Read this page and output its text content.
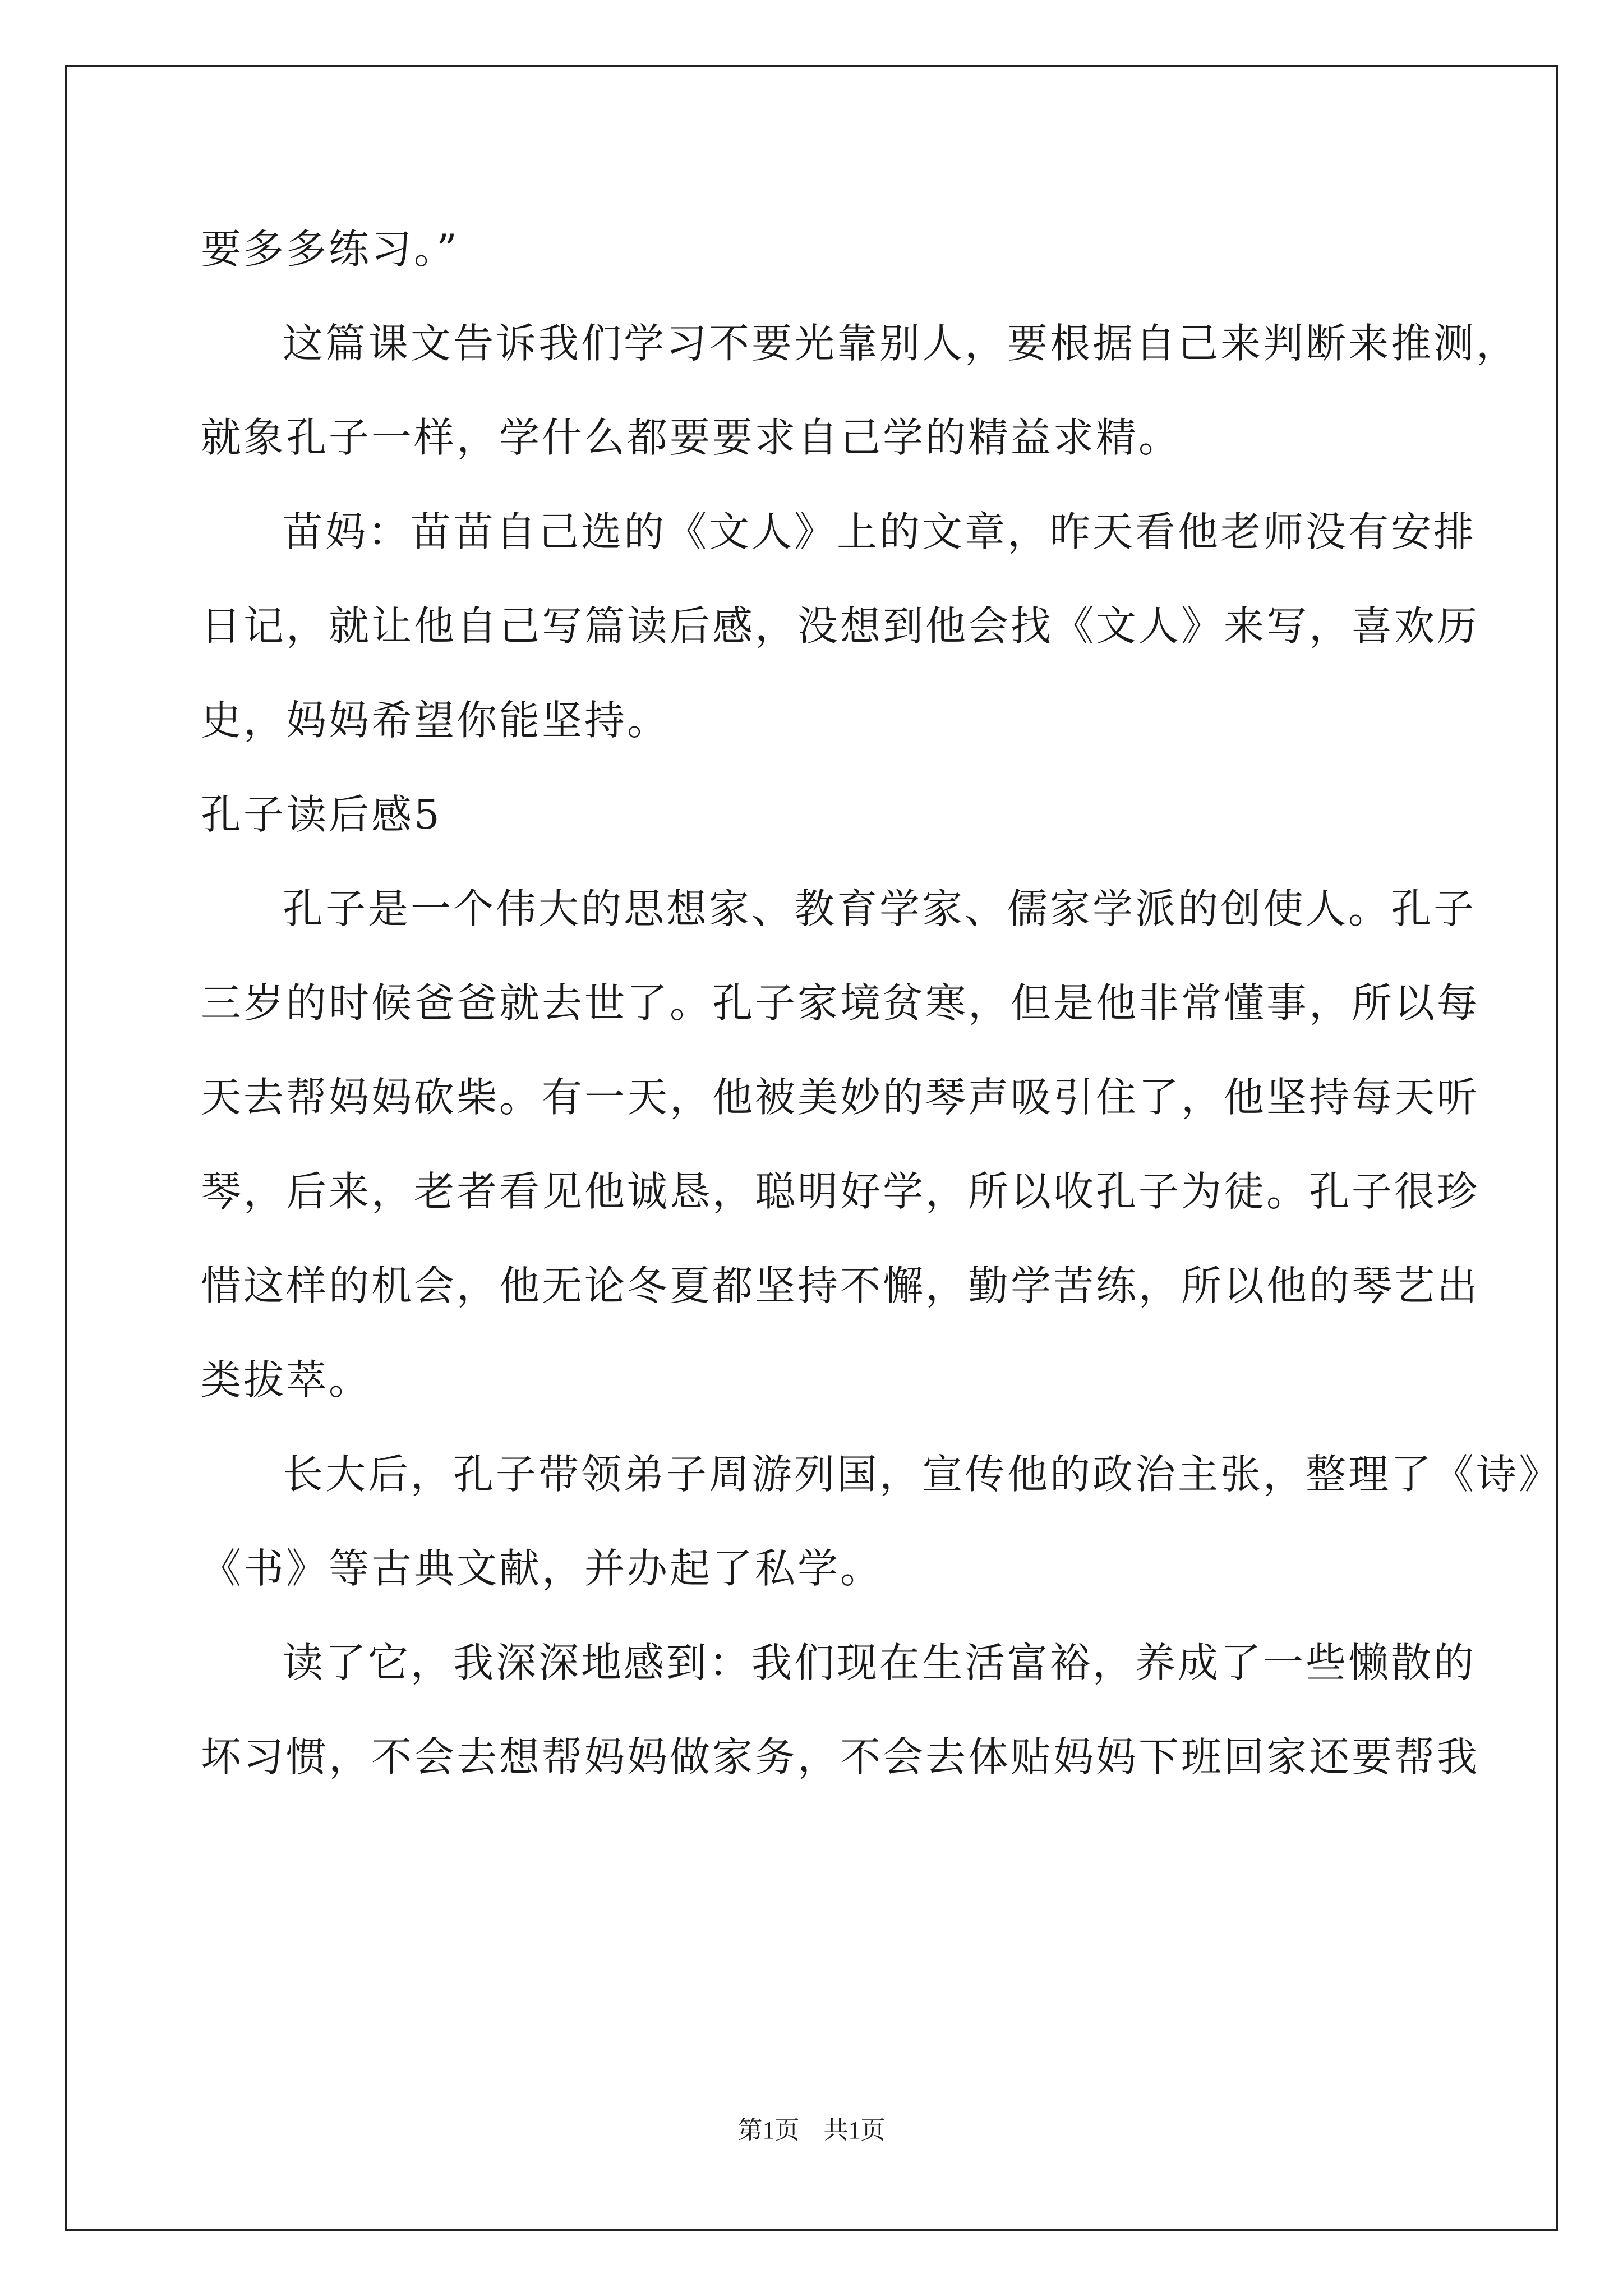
要多多练习。”
这篇课文告诉我们学习不要光靠别人，要根据自己来判断来推测，
就象孔子一样，学什么都要要求自己学的精益求精。
苗妈：苗苗自己选的《文人》上的文章，昨天看他老师没有安排
日记，就让他自己写篇读后感，没想到他会找《文人》来写，喜欢历
史，妈妈希望你能坚持。
孔子读后感5
孔子是一个伟大的思想家、教育学家、儒家学派的创使人。孔子
三岁的时候爸爸就去世了。孔子家境贫寒，但是他非常懂事，所以每
天去帮妈妈砍柴。有一天，他被美妙的琴声吸引住了，他坚持每天听
琴，后来，老者看见他诚恳，聪明好学，所以收孔子为徒。孔子很珍
惜这样的机会，他无论冬夏都坚持不懈，勤学苦练，所以他的琴艺出
类拔萃。
长大后，孔子带领弟子周游列国，宣传他的政治主张，整理了《诗》
《书》等古典文献，并办起了私学。
读了它，我深深地感到：我们现在生活富裕，养成了一些懒散的
坏习惯，不会去想帮妈妈做家务，不会去体贴妈妈下班回家还要帮我
第1页 共1页
